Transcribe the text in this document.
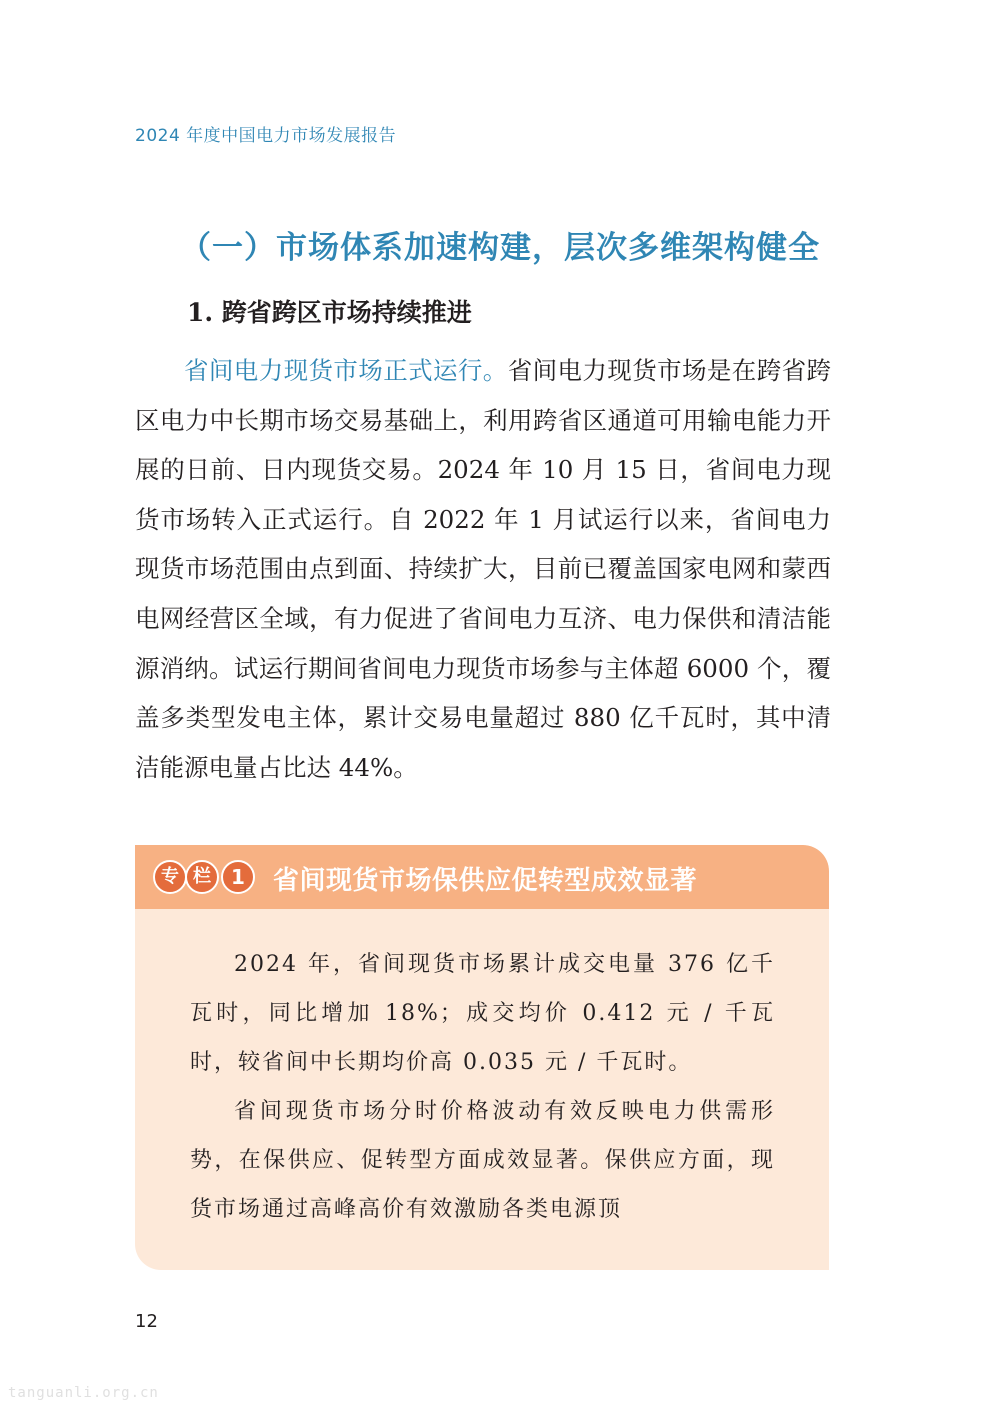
2024 年度中国电力市场发展报告
（一）市场体系加速构建，层次多维架构健全
1. 跨省跨区市场持续推进

省间电力现货市场正式运行。省间电力现货市场是在跨省跨区电力中长期市场交易基础上，利用跨省区通道可用输电能力开展的日前、日内现货交易。2024 年 10 月 15 日，省间电力现货市场转入正式运行。自 2022 年 1 月试运行以来，省间电力现货市场范围由点到面、持续扩大，目前已覆盖国家电网和蒙西电网经营区全域，有力促进了省间电力互济、电力保供和清洁能源消纳。试运行期间省间电力现货市场参与主体超 6000 个，覆盖多类型发电主体，累计交易电量超过 880 亿千瓦时，其中清洁能源电量占比达 44%。

专 栏	1	省间现货市场保供应促转型成效显著

2024 年，省间现货市场累计成交电量 376 亿千瓦时，同比增加 18%；成交均价 0.412 元 / 千瓦时，较省间中长期均价高 0.035 元 / 千瓦时。

省间现货市场分时价格波动有效反映电力供需形势，在保供应、促转型方面成效显著。保供应方面，现货市场通过高峰高价有效激励各类电源顶

12
tanguanli.org.cn
